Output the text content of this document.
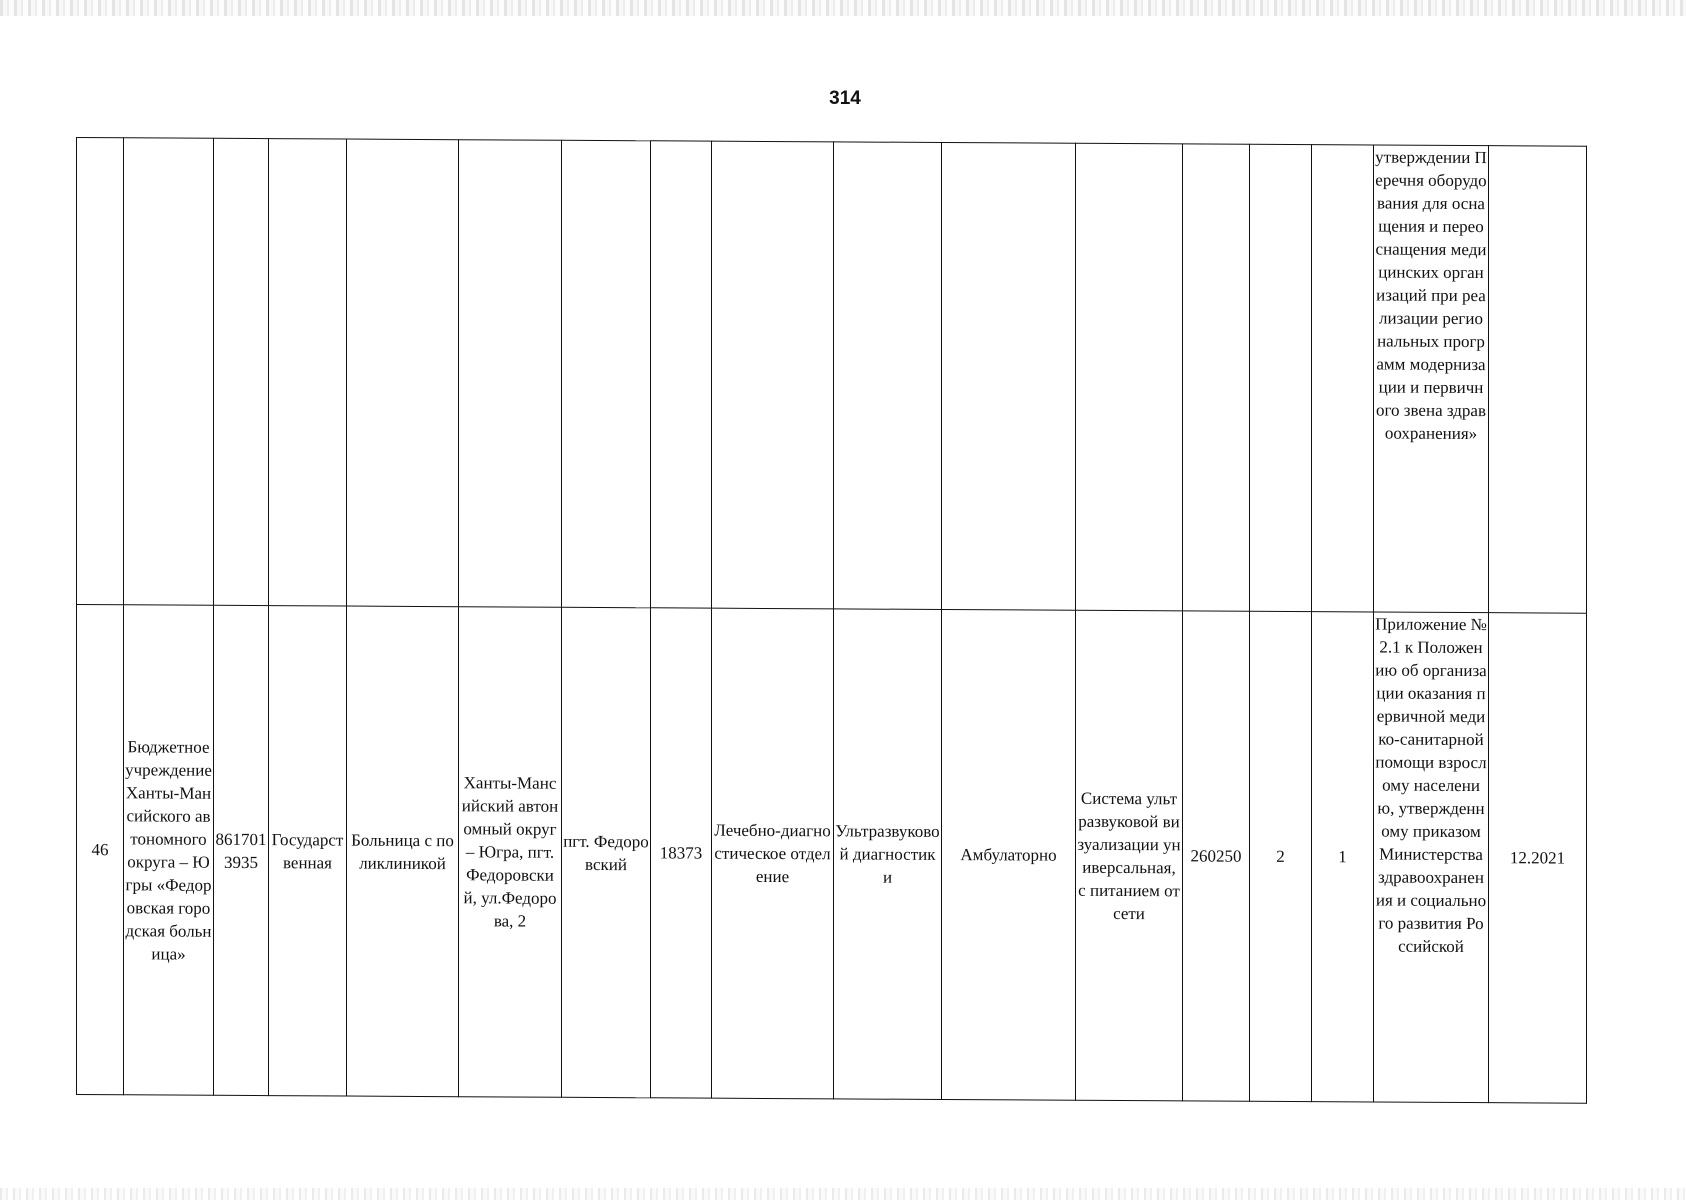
314
															утверждении Перечня оборудования для оснащения и переоснащения медицинских организаций при реализации региональных программ модернизации и первичного звена здравоохранения»	
46	Бюджетное учреждение Ханты-Мансийского автономного округа – Югры «Федоровская городская больница»	8617013935	Государственная	Больница с поликлиникой	Ханты-Мансийский автономный округ – Югра, пгт. Федоровский, ул.Федорова, 2	пгт. Федоровский	18373	Лечебно-диагностическое отделение	Ультразвуковой диагностики	Амбулаторно	Система ультразвуковой визуализации универсальная, с питанием от сети	260250	2	1	Приложение № 2.1 к Положению об организации оказания первичной медико-санитарной помощи взрослому населению, утвержденному приказом Министерства здравоохранения и социального развития Российской	12.2021
